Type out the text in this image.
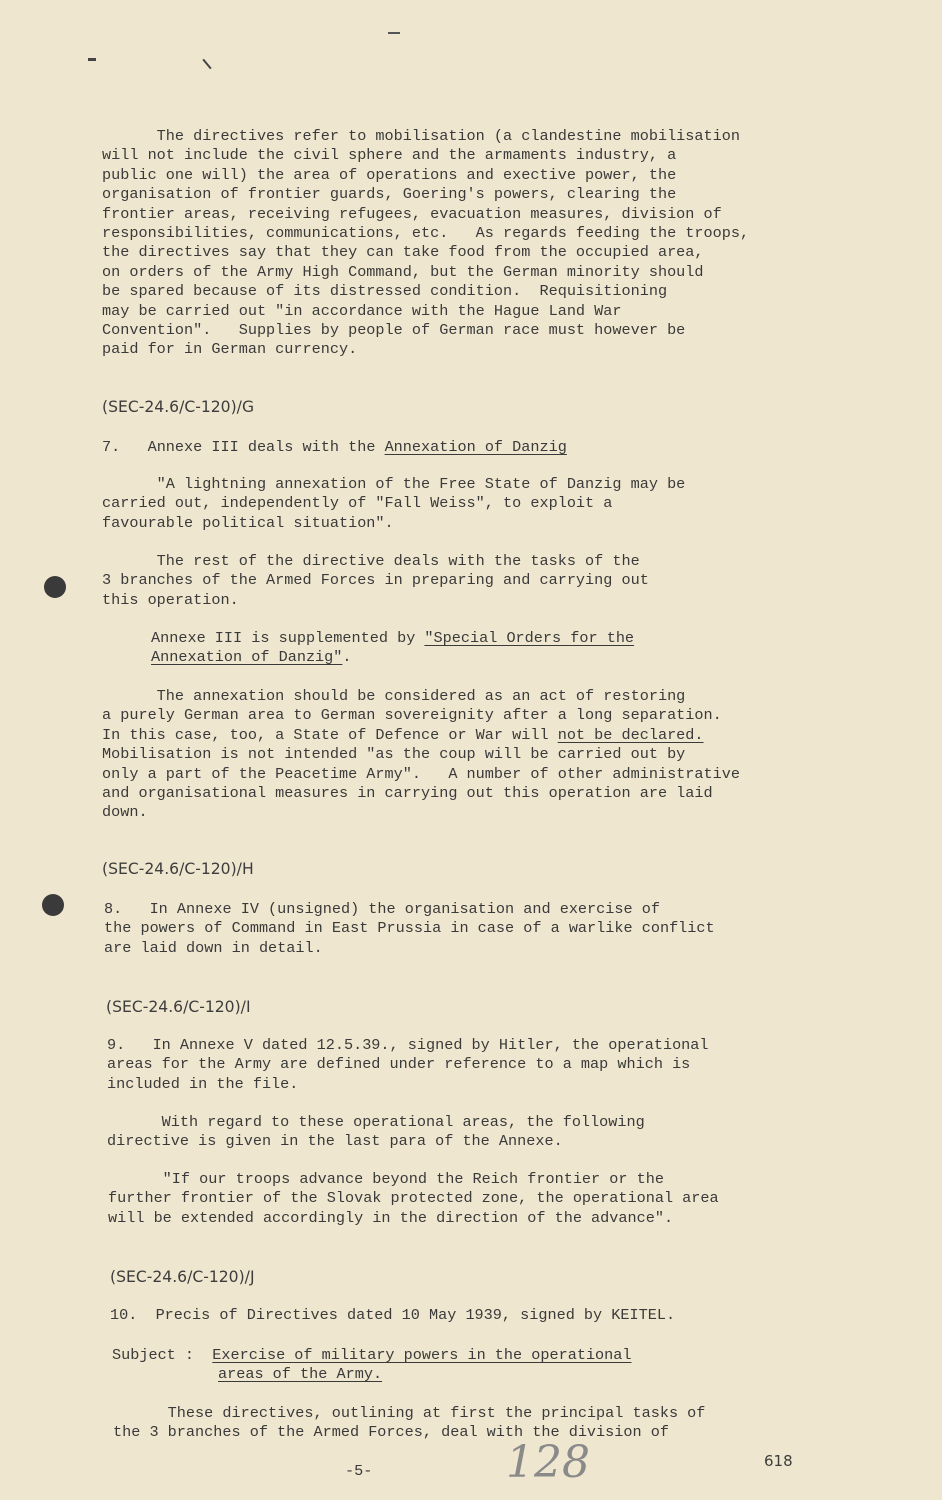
The directives refer to mobilisation (a clandestine mobilisation

will not include the civil sphere and the armaments industry, a

public one will) the area of operations and exective power, the

organisation of frontier guards, Goering's powers, clearing the

frontier areas, receiving refugees, evacuation measures, division of

responsibilities, communications, etc.   As regards feeding the troops,

the directives say that they can take food from the occupied area,

on orders of the Army High Command, but the German minority should

be spared because of its distressed condition.  Requisitioning

may be carried out "in accordance with the Hague Land War

Convention".   Supplies by people of German race must however be

paid for in German currency.

(SEC-24.6/C-120)/G

7. Annexe III deals with the Annexation of Danzig

"A lightning annexation of the Free State of Danzig may be

carried out, independently of "Fall Weiss", to exploit a

favourable political situation".

The rest of the directive deals with the tasks of the

3 branches of the Armed Forces in preparing and carrying out

this operation.

Annexe III is supplemented by "Special Orders for the

Annexation of Danzig".

The annexation should be considered as an act of restoring

a purely German area to German sovereignity after a long separation.

In this case, too, a State of Defence or War will not be declared.

Mobilisation is not intended "as the coup will be carried out by

only a part of the Peacetime Army".   A number of other administrative

and organisational measures in carrying out this operation are laid

down.

(SEC-24.6/C-120)/H

8.   In Annexe IV (unsigned) the organisation and exercise of

the powers of Command in East Prussia in case of a warlike conflict

are laid down in detail.

(SEC-24.6/C-120)/I

9.   In Annexe V dated 12.5.39., signed by Hitler, the operational

areas for the Army are defined under reference to a map which is

included in the file.

With regard to these operational areas, the following

directive is given in the last para of the Annexe.

"If our troops advance beyond the Reich frontier or the

further frontier of the Slovak protected zone, the operational area

will be extended accordingly in the direction of the advance".

(SEC-24.6/C-120)/J

10.  Precis of Directives dated 10 May 1939, signed by KEITEL.

Subject : Exercise of military powers in the operational

areas of the Army.

These directives, outlining at first the principal tasks of

the 3 branches of the Armed Forces, deal with the division of

-5-	128	618
